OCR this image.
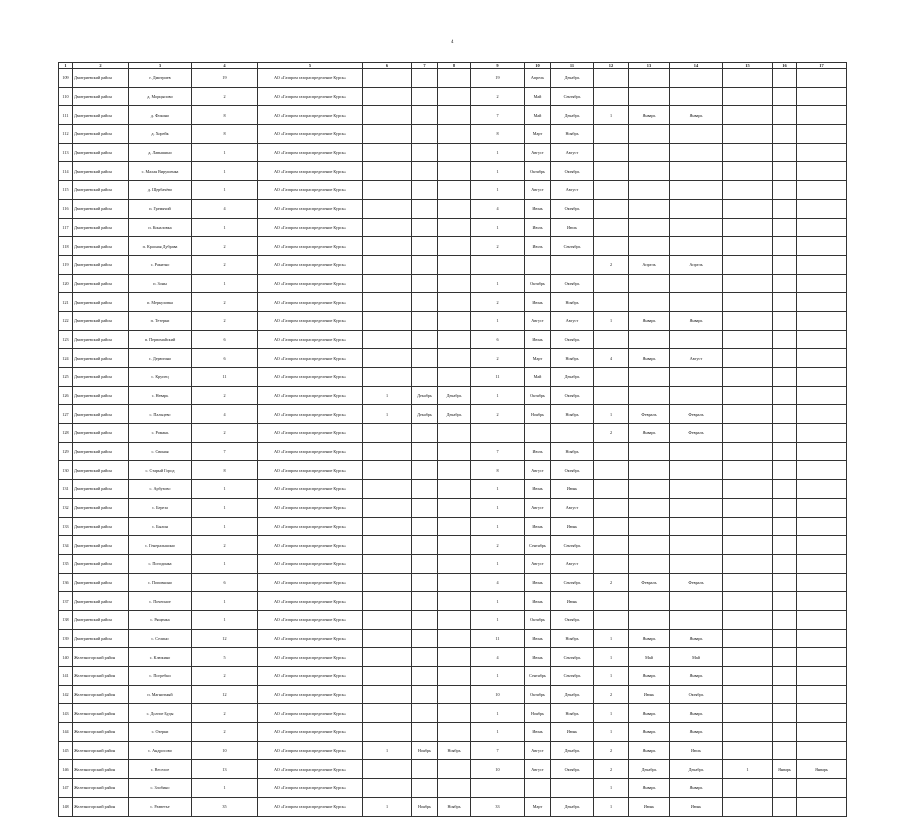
4
1	2	3	4	5	6	7	8	9	10	11	12	13	14	15	16	17
109	Дмитриевский район	г. Дмитриев	19	АО «Газпром газораспределение Курск»				19	Апрель	Декабрь						
110	Дмитриевский район	д. Морцыпово	2	АО «Газпром газораспределение Курск»				2	Май	Сентябрь						
111	Дмитриевский район	д. Фокино	8	АО «Газпром газораспределение Курск»				7	Май	Декабрь	1	Январь	Январь			
112	Дмитриевский район	д. Хорейк	8	АО «Газпром газораспределение Курск»				8	Март	Ноябрь						
113	Дмитриевский район	д. Лавышино	1	АО «Газпром газораспределение Курск»				1	Август	Август						
114	Дмитриевский район	с. Малая Вирушенка	1	АО «Газпром газораспределение Курск»				1	Октябрь	Октябрь						
115	Дмитриевский район	д. Щербачёво	1	АО «Газпром газораспределение Курск»				1	Август	Август						
116	Дмитриевский район	п. Гремячий	4	АО «Газпром газораспределение Курск»				4	Июнь	Октябрь						
117	Дмитриевский район	п. Коналовка	1	АО «Газпром газораспределение Курск»				1	Июль	Июль						
118	Дмитриевский район	п. Красная Дубрава	2	АО «Газпром газораспределение Курск»				2	Июль	Сентябрь						
119	Дмитриевский район	с. Ракитно	2	АО «Газпром газораспределение Курск»							2	Апрель	Апрель			
120	Дмитриевский район	п. Зоны	1	АО «Газпром газораспределение Курск»				1	Октябрь	Октябрь						
121	Дмитриевский район	п. Меркуловка	2	АО «Газпром газораспределение Курск»				2	Июнь	Ноябрь						
122	Дмитриевский район	п. Тетерки	2	АО «Газпром газораспределение Курск»				1	Август	Август	1	Январь	Январь			
123	Дмитриевский район	п. Первомайский	6	АО «Газпром газораспределение Курск»				6	Июнь	Октябрь						
124	Дмитриевский район	с. Дерюгино	6	АО «Газпром газораспределение Курск»				2	Март	Ноябрь	4	Январь	Август			
125	Дмитриевский район	с. Крупец	11	АО «Газпром газораспределение Курск»				11	Май	Декабрь						
126	Дмитриевский район	с. Неварь	2	АО «Газпром газораспределение Курск»	1	Декабрь	Декабрь	1	Октябрь	Октябрь						
127	Дмитриевский район	с. Пальцево	4	АО «Газпром газораспределение Курск»	1	Декабрь	Декабрь	2	Ноябрь	Ноябрь	1	Февраль	Февраль			
128	Дмитриевский район	с. Романь	2	АО «Газпром газораспределение Курск»							2	Январь	Февраль			
129	Дмитриевский район	с. Свиная	7	АО «Газпром газораспределение Курск»				7	Июль	Ноябрь						
130	Дмитриевский район	с. Старый Город	8	АО «Газпром газораспределение Курск»				8	Август	Октябрь						
131	Дмитриевский район	с. Арбузово	1	АО «Газпром газораспределение Курск»				1	Июнь	Июнь						
132	Дмитриевский район	с. Береза	1	АО «Газпром газораспределение Курск»				1	Август	Август						
133	Дмитриевский район	с. Былин	1	АО «Газпром газораспределение Курск»				1	Июнь	Июнь						
134	Дмитриевский район	с. Генеральшино	2	АО «Газпром газораспределение Курск»				2	Сентябрь	Сентябрь						
135	Дмитриевский район	с. Погодинка	1	АО «Газпром газораспределение Курск»				1	Август	Август						
136	Дмитриевский район	с. Поповкино	6	АО «Газпром газораспределение Курск»				4	Июнь	Сентябрь	2	Февраль	Февраль			
137	Дмитриевский район	с. Почепное	1	АО «Газпром газораспределение Курск»				1	Июнь	Июнь						
138	Дмитриевский район	с. Рященка	1	АО «Газпром газораспределение Курск»				1	Октябрь	Октябрь						
139	Дмитриевский район	с. Селино	12	АО «Газпром газораспределение Курск»				11	Июнь	Ноябрь	1	Январь	Январь			
140	Железногорский район	с. Клюкино	5	АО «Газпром газораспределение Курск»				4	Июнь	Сентябрь	1	Май	Май			
141	Железногорский район	с. Погребки	2	АО «Газпром газораспределение Курск»				1	Сентябрь	Сентябрь	1	Январь	Январь			
142	Железногорский район	п. Магнитный	12	АО «Газпром газораспределение Курск»				10	Октябрь	Декабрь	2	Июнь	Октябрь			
143	Железногорский район	с. Долгие Буды	2	АО «Газпром газораспределение Курск»				1	Ноябрь	Ноябрь	1	Январь	Январь			
144	Железногорский район	с. Озерки	2	АО «Газпром газораспределение Курск»				1	Июнь	Июнь	1	Январь	Январь			
145	Железногорский район	с. Андросово	10	АО «Газпром газораспределение Курск»	1	Ноябрь	Ноябрь	7	Август	Декабрь	2	Январь	Июль			
146	Железногорский район	с. Веселое	13	АО «Газпром газораспределение Курск»				10	Август	Октябрь	2	Декабрь	Декабрь	1	Январь	Январь
147	Железногорский район	с. Злобино	1	АО «Газпром газораспределение Курск»							1	Январь	Январь			
148	Железногорский район	с. Разветье	35	АО «Газпром газораспределение Курск»	1	Ноябрь	Ноябрь	33	Март	Декабрь	1	Июнь	Июнь			
